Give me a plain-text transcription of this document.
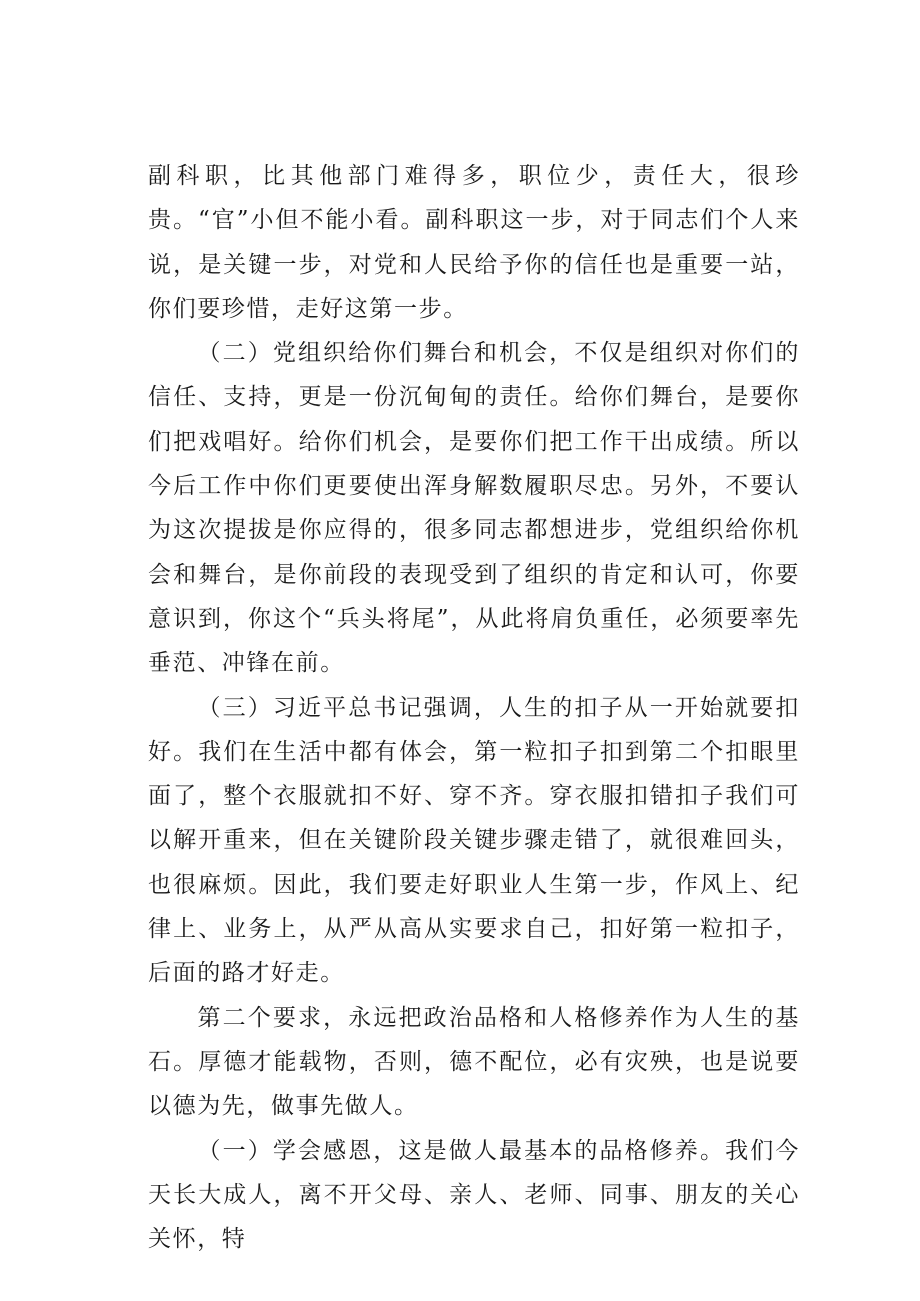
副科职，比其他部门难得多，职位少，责任大，很珍贵。“官”小但不能小看。副科职这一步，对于同志们个人来说，是关键一步，对党和人民给予你的信任也是重要一站，你们要珍惜，走好这第一步。

（二）党组织给你们舞台和机会，不仅是组织对你们的信任、支持，更是一份沉甸甸的责任。给你们舞台，是要你们把戏唱好。给你们机会，是要你们把工作干出成绩。所以今后工作中你们更要使出浑身解数履职尽忠。另外，不要认为这次提拔是你应得的，很多同志都想进步，党组织给你机会和舞台，是你前段的表现受到了组织的肯定和认可，你要意识到，你这个“兵头将尾”，从此将肩负重任，必须要率先垂范、冲锋在前。

（三）习近平总书记强调，人生的扣子从一开始就要扣好。我们在生活中都有体会，第一粒扣子扣到第二个扣眼里面了，整个衣服就扣不好、穿不齐。穿衣服扣错扣子我们可以解开重来，但在关键阶段关键步骤走错了，就很难回头，也很麻烦。因此，我们要走好职业人生第一步，作风上、纪律上、业务上，从严从高从实要求自己，扣好第一粒扣子，后面的路才好走。

第二个要求，永远把政治品格和人格修养作为人生的基石。厚德才能载物，否则，德不配位，必有灾殃，也是说要以德为先，做事先做人。

（一）学会感恩，这是做人最基本的品格修养。我们今天长大成人，离不开父母、亲人、老师、同事、朋友的关心关怀，特
